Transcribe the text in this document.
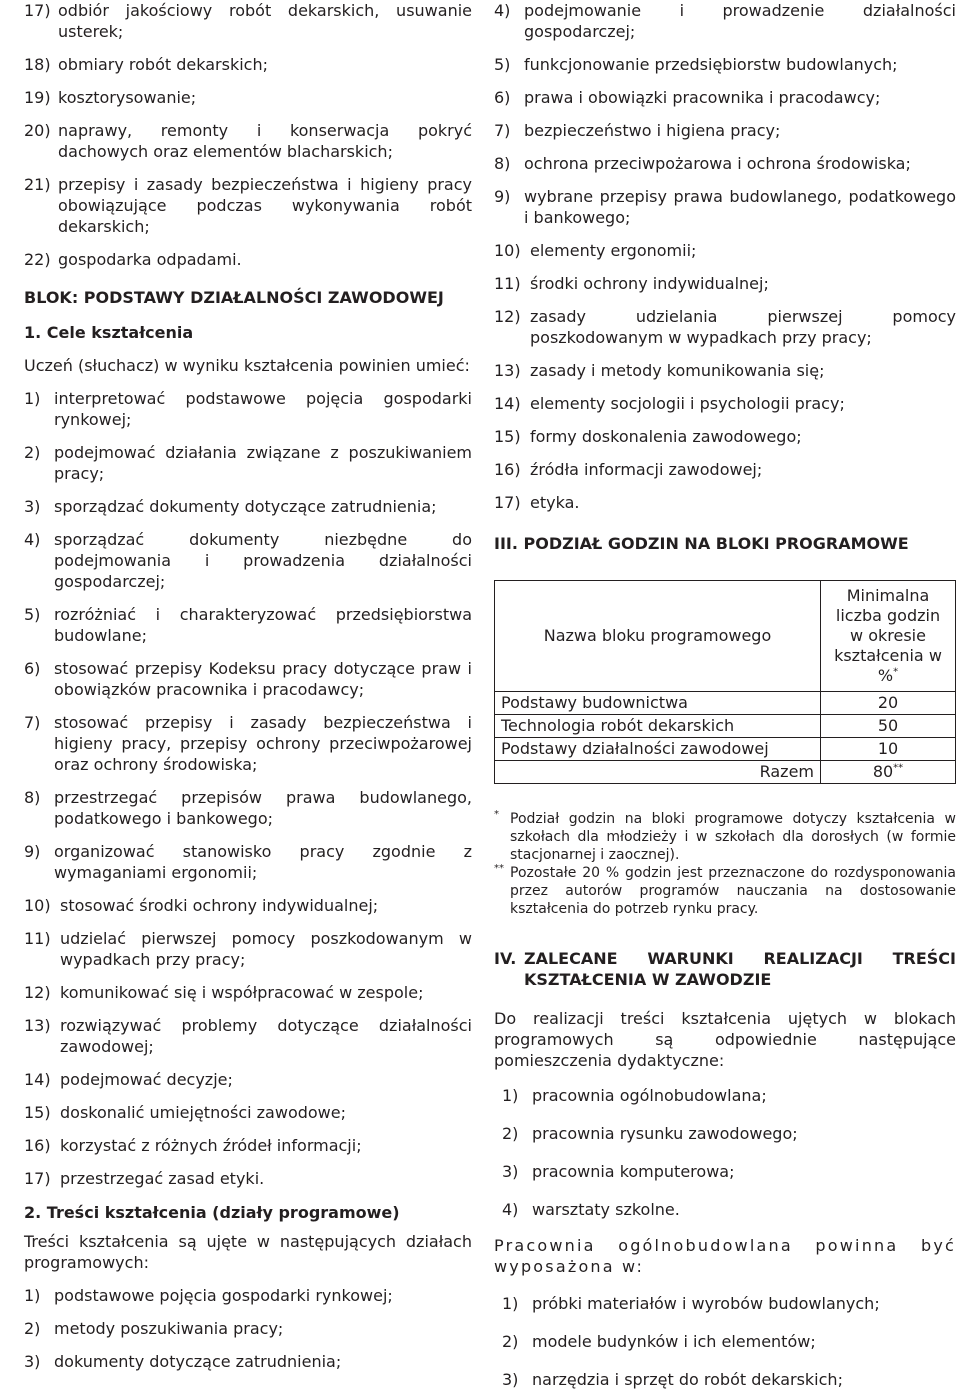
17) odbiór jakościowy robót dekarskich, usuwanie usterek;
18) obmiary robót dekarskich;
19) kosztorysowanie;
20) naprawy, remonty i konserwacja pokryć dachowych oraz elementów blacharskich;
21) przepisy i zasady bezpieczeństwa i higieny pracy obowiązujące podczas wykonywania robót dekarskich;
22) gospodarka odpadami.
BLOK: PODSTAWY DZIAŁALNOŚCI ZAWODOWEJ
1. Cele kształcenia
Uczeń (słuchacz) w wyniku kształcenia powinien umieć:
1) interpretować podstawowe pojęcia gospodarki rynkowej;
2) podejmować działania związane z poszukiwaniem pracy;
3) sporządzać dokumenty dotyczące zatrudnienia;
4) sporządzać dokumenty niezbędne do podejmowania i prowadzenia działalności gospodarczej;
5) rozróżniać i charakteryzować przedsiębiorstwa budowlane;
6) stosować przepisy Kodeksu pracy dotyczące praw i obowiązków pracownika i pracodawcy;
7) stosować przepisy i zasady bezpieczeństwa i higieny pracy, przepisy ochrony przeciwpożarowej oraz ochrony środowiska;
8) przestrzegać przepisów prawa budowlanego, podatkowego i bankowego;
9) organizować stanowisko pracy zgodnie z wymaganiami ergonomii;
10) stosować środki ochrony indywidualnej;
11) udzielać pierwszej pomocy poszkodowanym w wypadkach przy pracy;
12) komunikować się i współpracować w zespole;
13) rozwiązywać problemy dotyczące działalności zawodowej;
14) podejmować decyzje;
15) doskonalić umiejętności zawodowe;
16) korzystać z różnych źródeł informacji;
17) przestrzegać zasad etyki.
2. Treści kształcenia (działy programowe)
Treści kształcenia są ujęte w następujących działach programowych:
1) podstawowe pojęcia gospodarki rynkowej;
2) metody poszukiwania pracy;
3) dokumenty dotyczące zatrudnienia;
4) podejmowanie i prowadzenie działalności gospodarczej;
5) funkcjonowanie przedsiębiorstw budowlanych;
6) prawa i obowiązki pracownika i pracodawcy;
7) bezpieczeństwo i higiena pracy;
8) ochrona przeciwpożarowa i ochrona środowiska;
9) wybrane przepisy prawa budowlanego, podatkowego i bankowego;
10) elementy ergonomii;
11) środki ochrony indywidualnej;
12) zasady udzielania pierwszej pomocy poszkodowanym w wypadkach przy pracy;
13) zasady i metody komunikowania się;
14) elementy socjologii i psychologii pracy;
15) formy doskonalenia zawodowego;
16) źródła informacji zawodowej;
17) etyka.
III. PODZIAŁ GODZIN NA BLOKI PROGRAMOWE
Nazwa bloku programowego	Minimalna liczba godzin w okresie kształcenia w %*
Podstawy budownictwa	20
Technologia robót dekarskich	50
Podstawy działalności zawodowej	10
Razem	80**
* Podział godzin na bloki programowe dotyczy kształcenia w szkołach dla młodzieży i w szkołach dla dorosłych (w formie stacjonarnej i zaocznej).
** Pozostałe 20 % godzin jest przeznaczone do rozdysponowania przez autorów programów nauczania na dostosowanie kształcenia do potrzeb rynku pracy.
IV. ZALECANE WARUNKI REALIZACJI TREŚCI KSZTAŁCENIA W ZAWODZIE
Do realizacji treści kształcenia ujętych w blokach programowych są odpowiednie następujące pomieszczenia dydaktyczne:
1) pracownia ogólnobudowlana;
2) pracownia rysunku zawodowego;
3) pracownia komputerowa;
4) warsztaty szkolne.
Pracownia ogólnobudowlana powinna być wyposażona w:
1) próbki materiałów i wyrobów budowlanych;
2) modele budynków i ich elementów;
3) narzędzia i sprzęt do robót dekarskich;
